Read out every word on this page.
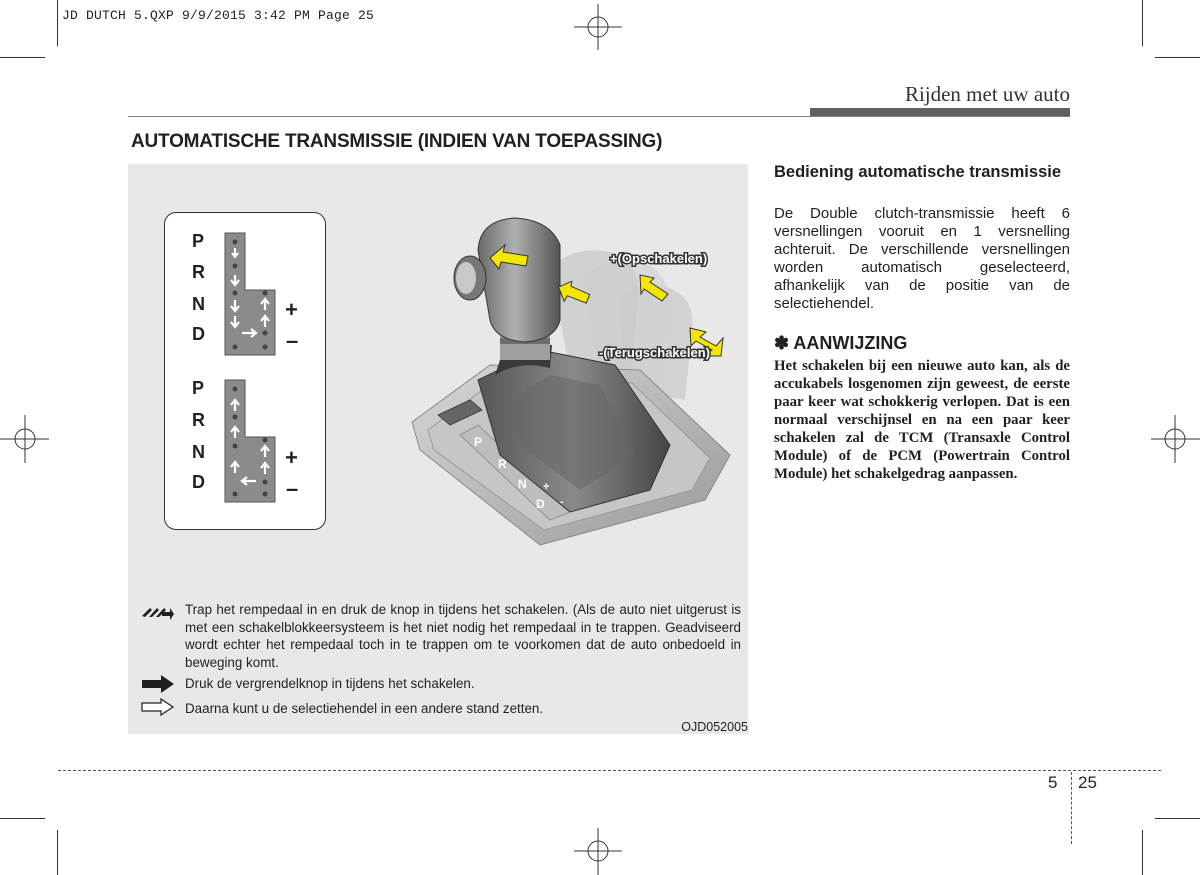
JD DUTCH 5.QXP 9/9/2015 3:42 PM Page 25
Rijden met uw auto
AUTOMATISCHE TRANSMISSIE (INDIEN VAN TOEPASSING)
P
R
N
D
+
–
P
R
N
D
+
–
+(Opschakelen)
-(Terugschakelen)
P
R
N
D
+
-
Trap het rempedaal in en druk de knop in tijdens het schakelen. (Als de auto niet uitgerust is met een schakelblokkeersysteem is het niet nodig het rempedaal in te trappen. Geadviseerd wordt echter het rempedaal toch in te trappen om te voorkomen dat de auto onbedoeld in beweging komt.
Druk de vergrendelknop in tijdens het schakelen.
Daarna kunt u de selectiehendel in een andere stand zetten.
OJD052005
Bediening automatische transmissie
De Double clutch-transmissie heeft 6 versnellingen vooruit en 1 versnelling achteruit. De verschillende versnellingen worden automatisch geselecteerd, afhankelijk van de positie van de selectiehendel.
✽ AANWIJZING
Het schakelen bij een nieuwe auto kan, als de accukabels losgenomen zijn geweest, de eerste paar keer wat schokkerig verlopen. Dat is een normaal verschijnsel en na een paar keer schakelen zal de TCM (Transaxle Control Module) of de PCM (Powertrain Control Module) het schakelgedrag aanpassen.
5 25
